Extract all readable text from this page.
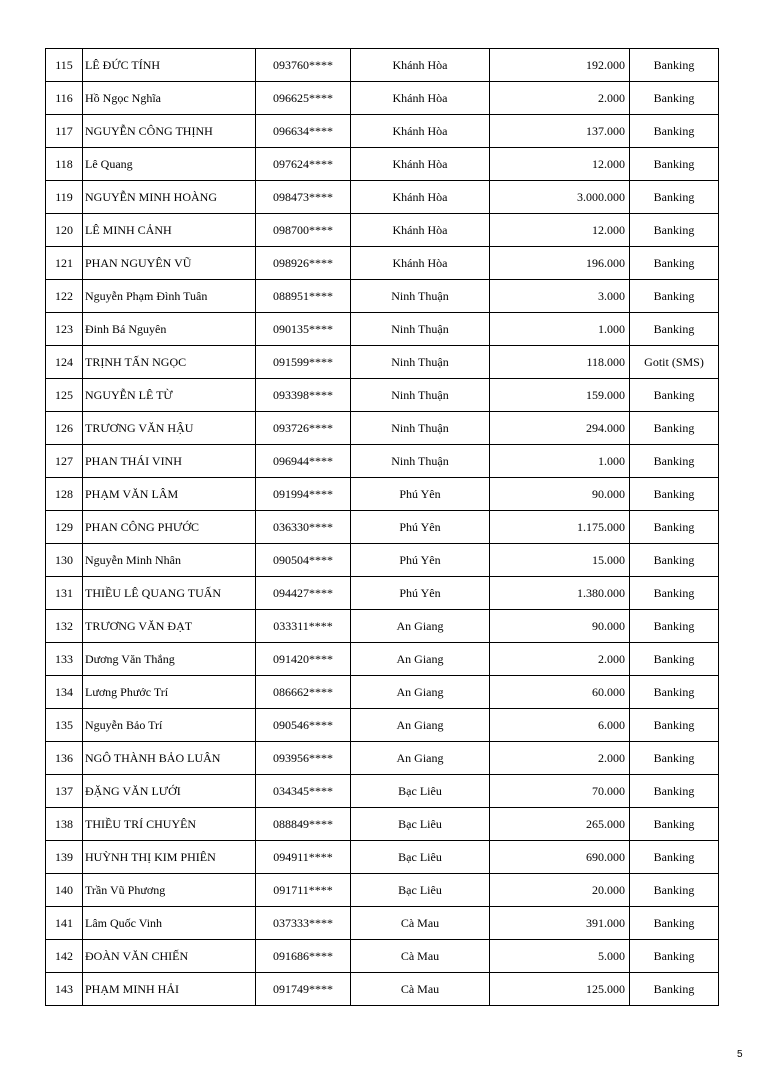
115	LÊ ĐỨC TÍNH	093760****	Khánh Hòa	192.000	Banking
116	Hồ Ngọc Nghĩa	096625****	Khánh Hòa	2.000	Banking
117	NGUYỄN CÔNG THỊNH	096634****	Khánh Hòa	137.000	Banking
118	Lê Quang	097624****	Khánh Hòa	12.000	Banking
119	NGUYỄN MINH HOÀNG	098473****	Khánh Hòa	3.000.000	Banking
120	LÊ MINH CẢNH	098700****	Khánh Hòa	12.000	Banking
121	PHAN NGUYÊN VŨ	098926****	Khánh Hòa	196.000	Banking
122	Nguyễn Phạm Đình Tuân	088951****	Ninh Thuận	3.000	Banking
123	Đinh Bá Nguyên	090135****	Ninh Thuận	1.000	Banking
124	TRỊNH TẤN NGỌC	091599****	Ninh Thuận	118.000	Gotit (SMS)
125	NGUYỄN LÊ TỪ	093398****	Ninh Thuận	159.000	Banking
126	TRƯƠNG VĂN HẬU	093726****	Ninh Thuận	294.000	Banking
127	PHAN THÁI VINH	096944****	Ninh Thuận	1.000	Banking
128	PHẠM VĂN LÂM	091994****	Phú Yên	90.000	Banking
129	PHAN CÔNG PHƯỚC	036330****	Phú Yên	1.175.000	Banking
130	Nguyễn Minh Nhân	090504****	Phú Yên	15.000	Banking
131	THIỀU LÊ QUANG TUẤN	094427****	Phú Yên	1.380.000	Banking
132	TRƯƠNG VĂN ĐẠT	033311****	An Giang	90.000	Banking
133	Dương Văn Thắng	091420****	An Giang	2.000	Banking
134	Lương Phước Trí	086662****	An Giang	60.000	Banking
135	Nguyễn Bảo Trí	090546****	An Giang	6.000	Banking
136	NGÔ THÀNH BẢO LUÂN	093956****	An Giang	2.000	Banking
137	ĐẶNG VĂN LƯỚI	034345****	Bạc Liêu	70.000	Banking
138	THIỀU TRÍ CHUYÊN	088849****	Bạc Liêu	265.000	Banking
139	HUỲNH THỊ KIM PHIÊN	094911****	Bạc Liêu	690.000	Banking
140	Trần Vũ Phương	091711****	Bạc Liêu	20.000	Banking
141	Lâm Quốc Vinh	037333****	Cà Mau	391.000	Banking
142	ĐOÀN VĂN CHIẾN	091686****	Cà Mau	5.000	Banking
143	PHẠM MINH HẢI	091749****	Cà Mau	125.000	Banking
5
